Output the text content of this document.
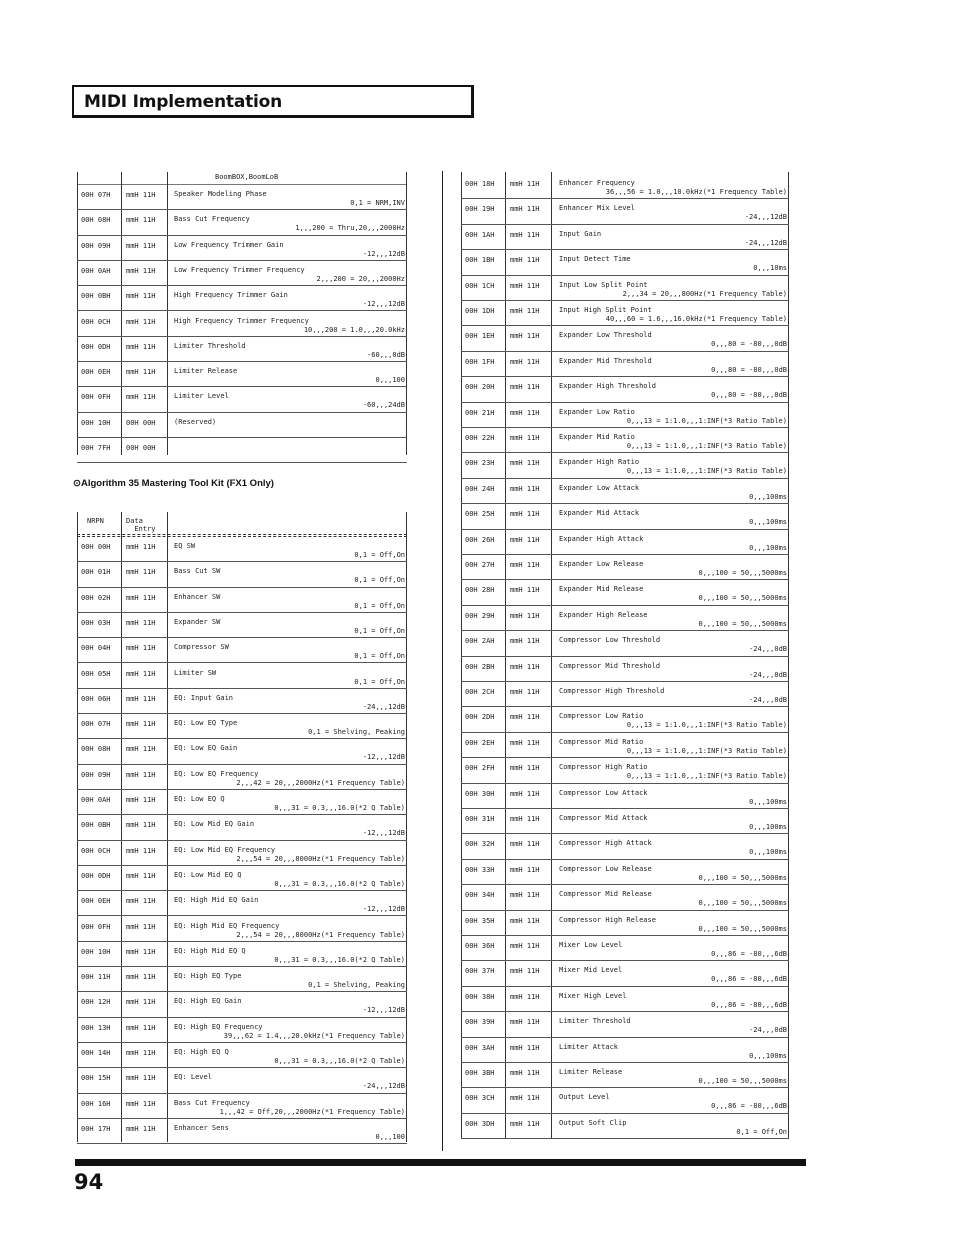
MIDI Implementation
BoomBOX,BoomLoB
00H 07H mmH 11H	Speaker Modeling Phase
0,1 = NRM,INV
00H 08H mmH 11H	Bass Cut Frequency
1,,,200 = Thru,20,,,2000Hz
00H 09H mmH 11H	Low Frequency Trimmer Gain
-12,,,12dB
00H 0AH mmH 11H	Low Frequency Trimmer Frequency
2,,,200 = 20,,,2000Hz
00H 0BH mmH 11H	High Frequency Trimmer Gain
-12,,,12dB
00H 0CH mmH 11H	High Frequency Trimmer Frequency
10,,,200 = 1.0,,,20.0kHz
00H 0DH mmH 11H	Limiter Threshold
-60,,,0dB
00H 0EH mmH 11H	Limiter Release
0,,,100
00H 0FH mmH 11H	Limiter Level
-60,,,24dB
00H 10H 00H 00H	(Reserved)
00H 7FH 00H 00H
⊙Algorithm 35 Mastering Tool Kit (FX1 Only)
NRPN	Data
Entry
00H 00H mmH 11H	EQ SW
0,1 = Off,On
00H 01H mmH 11H	Bass Cut SW
0,1 = Off,On
00H 02H mmH 11H	Enhancer SW
0,1 = Off,On
00H 03H mmH 11H	Expander SW
0,1 = Off,On
00H 04H mmH 11H	Compressor SW
0,1 = Off,On
00H 05H mmH 11H	Limiter SW
0,1 = Off,On
00H 06H mmH 11H	EQ: Input Gain
-24,,,12dB
00H 07H mmH 11H	EQ: Low EQ Type
0,1 = Shelving, Peaking
00H 08H mmH 11H	EQ: Low EQ Gain
-12,,,12dB
00H 09H mmH 11H	EQ: Low EQ Frequency
2,,,42 = 20,,,2000Hz(*1 Frequency Table)
00H 0AH mmH 11H	EQ: Low EQ Q
0,,,31 = 0.3,,,16.0(*2 Q Table)
00H 0BH mmH 11H	EQ: Low Mid EQ Gain
-12,,,12dB
00H 0CH mmH 11H	EQ: Low Mid EQ Frequency
2,,,54 = 20,,,8000Hz(*1 Frequency Table)
00H 0DH mmH 11H	EQ: Low Mid EQ Q
0,,,31 = 0.3,,,16.0(*2 Q Table)
00H 0EH mmH 11H	EQ: High Mid EQ Gain
-12,,,12dB
00H 0FH mmH 11H	EQ: High Mid EQ Frequency
2,,,54 = 20,,,8000Hz(*1 Frequency Table)
00H 10H mmH 11H	EQ: High Mid EQ Q
0,,,31 = 0.3,,,16.0(*2 Q Table)
00H 11H mmH 11H	EQ: High EQ Type
0,1 = Shelving, Peaking
00H 12H mmH 11H	EQ: High EQ Gain
-12,,,12dB
00H 13H mmH 11H	EQ: High EQ Frequency
39,,,62 = 1.4,,,20.0kHz(*1 Frequency Table)
00H 14H mmH 11H	EQ: High EQ Q
0,,,31 = 0.3,,,16.0(*2 Q Table)
00H 15H mmH 11H	EQ: Level
-24,,,12dB
00H 16H mmH 11H	Bass Cut Frequency
1,,,42 = Off,20,,,2000Hz(*1 Frequency Table)
00H 17H mmH 11H	Enhancer Sens
0,,,100
00H 18H mmH 11H	Enhancer Frequency
36,,,56 = 1.0,,,10.0kHz(*1 Frequency Table)
00H 19H mmH 11H	Enhancer Mix Level
-24,,,12dB
00H 1AH mmH 11H	Input Gain
-24,,,12dB
00H 1BH mmH 11H	Input Detect Time
0,,,10ms
00H 1CH mmH 11H	Input Low Split Point
2,,,34 = 20,,,800Hz(*1 Frequency Table)
00H 1DH mmH 11H	Input High Split Point
40,,,60 = 1.6,,,16.0kHz(*1 Frequency Table)
00H 1EH mmH 11H	Expander Low Threshold
0,,,80 = -80,,,0dB
00H 1FH mmH 11H	Expander Mid Threshold
0,,,80 = -80,,,0dB
00H 20H mmH 11H	Expander High Threshold
0,,,80 = -80,,,0dB
00H 21H mmH 11H	Expander Low Ratio
0,,,13 = 1:1.0,,,1:INF(*3 Ratio Table)
00H 22H mmH 11H	Expander Mid Ratio
0,,,13 = 1:1.0,,,1:INF(*3 Ratio Table)
00H 23H mmH 11H	Expander High Ratio
0,,,13 = 1:1.0,,,1:INF(*3 Ratio Table)
00H 24H mmH 11H	Expander Low Attack
0,,,100ms
00H 25H mmH 11H	Expander Mid Attack
0,,,100ms
00H 26H mmH 11H	Expander High Attack
0,,,100ms
00H 27H mmH 11H	Expander Low Release
0,,,100 = 50,,,5000ms
00H 28H mmH 11H	Expander Mid Release
0,,,100 = 50,,,5000ms
00H 29H mmH 11H	Expander High Release
0,,,100 = 50,,,5000ms
00H 2AH mmH 11H	Compressor Low Threshold
-24,,,0dB
00H 2BH mmH 11H	Compressor Mid Threshold
-24,,,0dB
00H 2CH mmH 11H	Compressor High Threshold
-24,,,0dB
00H 2DH mmH 11H	Compressor Low Ratio
0,,,13 = 1:1.0,,,1:INF(*3 Ratio Table)
00H 2EH mmH 11H	Compressor Mid Ratio
0,,,13 = 1:1.0,,,1:INF(*3 Ratio Table)
00H 2FH mmH 11H	Compressor High Ratio
0,,,13 = 1:1.0,,,1:INF(*3 Ratio Table)
00H 30H mmH 11H	Compressor Low Attack
0,,,100ms
00H 31H mmH 11H	Compressor Mid Attack
0,,,100ms
00H 32H mmH 11H	Compressor High Attack
0,,,100ms
00H 33H mmH 11H	Compressor Low Release
0,,,100 = 50,,,5000ms
00H 34H mmH 11H	Compressor Mid Release
0,,,100 = 50,,,5000ms
00H 35H mmH 11H	Compressor High Release
0,,,100 = 50,,,5000ms
00H 36H mmH 11H	Mixer Low Level
0,,,86 = -80,,,6dB
00H 37H mmH 11H	Mixer Mid Level
0,,,86 = -80,,,6dB
00H 38H mmH 11H	Mixer High Level
0,,,86 = -80,,,6dB
00H 39H mmH 11H	Limiter Threshold
-24,,,0dB
00H 3AH mmH 11H	Limiter Attack
0,,,100ms
00H 3BH mmH 11H	Limiter Release
0,,,100 = 50,,,5000ms
00H 3CH mmH 11H	Output Level
0,,,86 = -80,,,6dB
00H 3DH mmH 11H	Output Soft Clip
0,1 = Off,On
94
